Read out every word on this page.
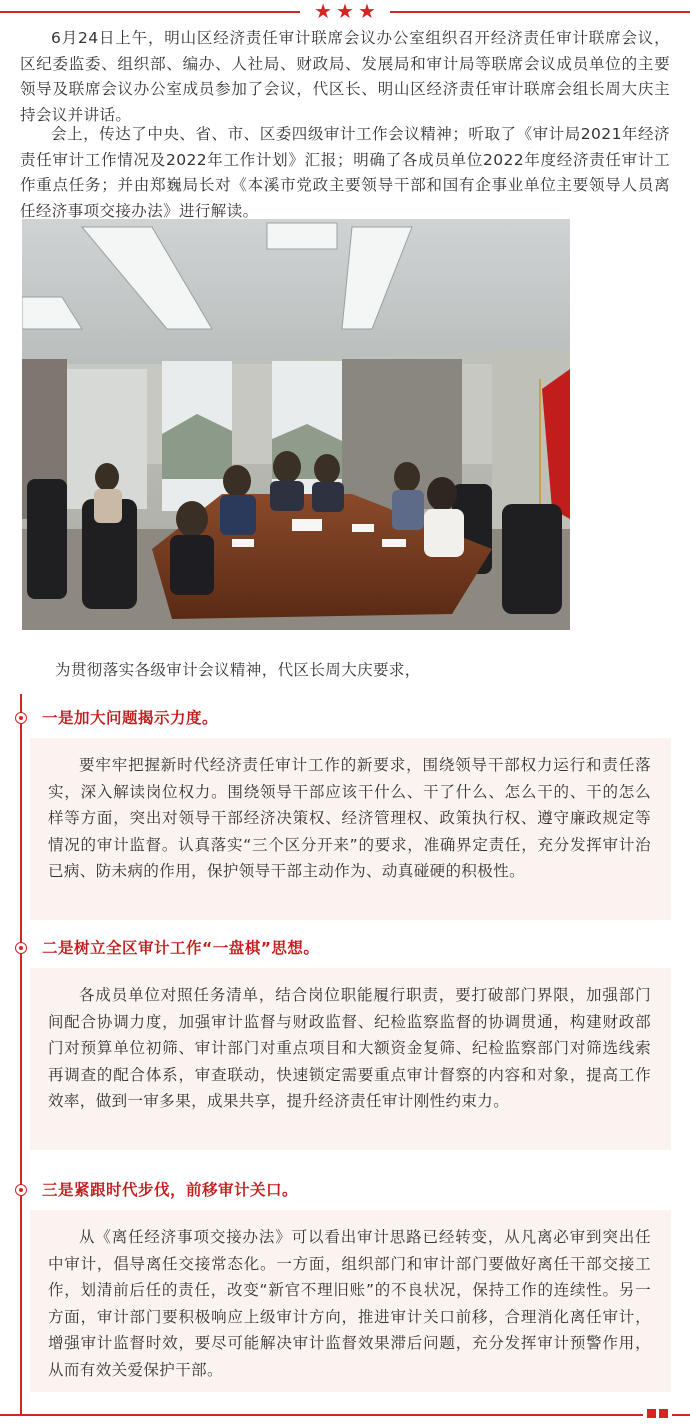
★ ★ ★

6月24日上午，明山区经济责任审计联席会议办公室组织召开经济责任审计联席会议，区纪委监委、组织部、编办、人社局、财政局、发展局和审计局等联席会议成员单位的主要领导及联席会议办公室成员参加了会议，代区长、明山区经济责任审计联席会组长周大庆主持会议并讲话。

会上，传达了中央、省、市、区委四级审计工作会议精神；听取了《审计局2021年经济责任审计工作情况及2022年工作计划》汇报；明确了各成员单位2022年度经济责任审计工作重点任务；并由郑巍局长对《本溪市党政主要领导干部和国有企事业单位主要领导人员离任经济事项交接办法》进行解读。

为贯彻落实各级审计会议精神，代区长周大庆要求，

一是加大问题揭示力度。

要牢牢把握新时代经济责任审计工作的新要求，围绕领导干部权力运行和责任落实，深入解读岗位权力。围绕领导干部应该干什么、干了什么、怎么干的、干的怎么样等方面，突出对领导干部经济决策权、经济管理权、政策执行权、遵守廉政规定等情况的审计监督。认真落实“三个区分开来”的要求，准确界定责任，充分发挥审计治已病、防未病的作用，保护领导干部主动作为、动真碰硬的积极性。

二是树立全区审计工作“一盘棋”思想。

各成员单位对照任务清单，结合岗位职能履行职责，要打破部门界限，加强部门间配合协调力度，加强审计监督与财政监督、纪检监察监督的协调贯通，构建财政部门对预算单位初筛、审计部门对重点项目和大额资金复筛、纪检监察部门对筛选线索再调查的配合体系，审查联动，快速锁定需要重点审计督察的内容和对象，提高工作效率，做到一审多果，成果共享，提升经济责任审计刚性约束力。

三是紧跟时代步伐，前移审计关口。

从《离任经济事项交接办法》可以看出审计思路已经转变，从凡离必审到突出任中审计，倡导离任交接常态化。一方面，组织部门和审计部门要做好离任干部交接工作，划清前后任的责任，改变“新官不理旧账”的不良状况，保持工作的连续性。另一方面，审计部门要积极响应上级审计方向，推进审计关口前移，合理消化离任审计，增强审计监督时效，要尽可能解决审计监督效果滞后问题，充分发挥审计预警作用，从而有效关爱保护干部。
